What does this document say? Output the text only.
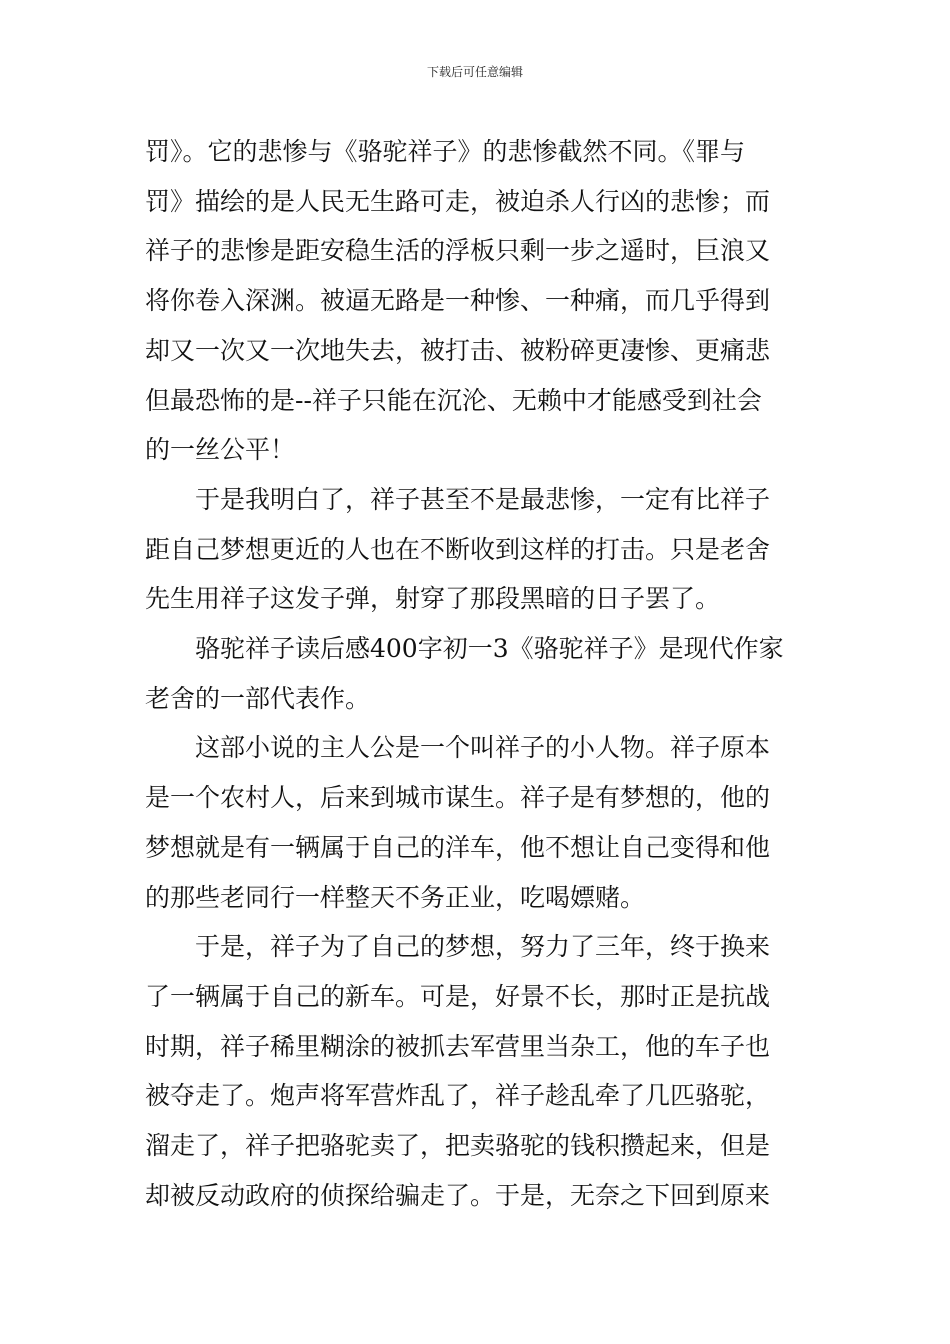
下载后可任意编辑

罚》。它的悲惨与《骆驼祥子》的悲惨截然不同。《罪与
罚》描绘的是人民无生路可走，被迫杀人行凶的悲惨；而
祥子的悲惨是距安稳生活的浮板只剩一步之遥时，巨浪又
将你卷入深渊。被逼无路是一种惨、一种痛，而几乎得到
却又一次又一次地失去，被打击、被粉碎更凄惨、更痛悲
但最恐怖的是--祥子只能在沉沦、无赖中才能感受到社会
的一丝公平！

于是我明白了，祥子甚至不是最悲惨，一定有比祥子
距自己梦想更近的人也在不断收到这样的打击。只是老舍
先生用祥子这发子弹，射穿了那段黑暗的日子罢了。

骆驼祥子读后感400字初一3《骆驼祥子》是现代作家
老舍的一部代表作。

这部小说的主人公是一个叫祥子的小人物。祥子原本
是一个农村人，后来到城市谋生。祥子是有梦想的，他的
梦想就是有一辆属于自己的洋车，他不想让自己变得和他
的那些老同行一样整天不务正业，吃喝嫖赌。

于是，祥子为了自己的梦想，努力了三年，终于换来
了一辆属于自己的新车。可是，好景不长，那时正是抗战
时期，祥子稀里糊涂的被抓去军营里当杂工，他的车子也
被夺走了。炮声将军营炸乱了，祥子趁乱牵了几匹骆驼，
溜走了，祥子把骆驼卖了，把卖骆驼的钱积攒起来，但是
却被反动政府的侦探给骗走了。于是，无奈之下回到原来
